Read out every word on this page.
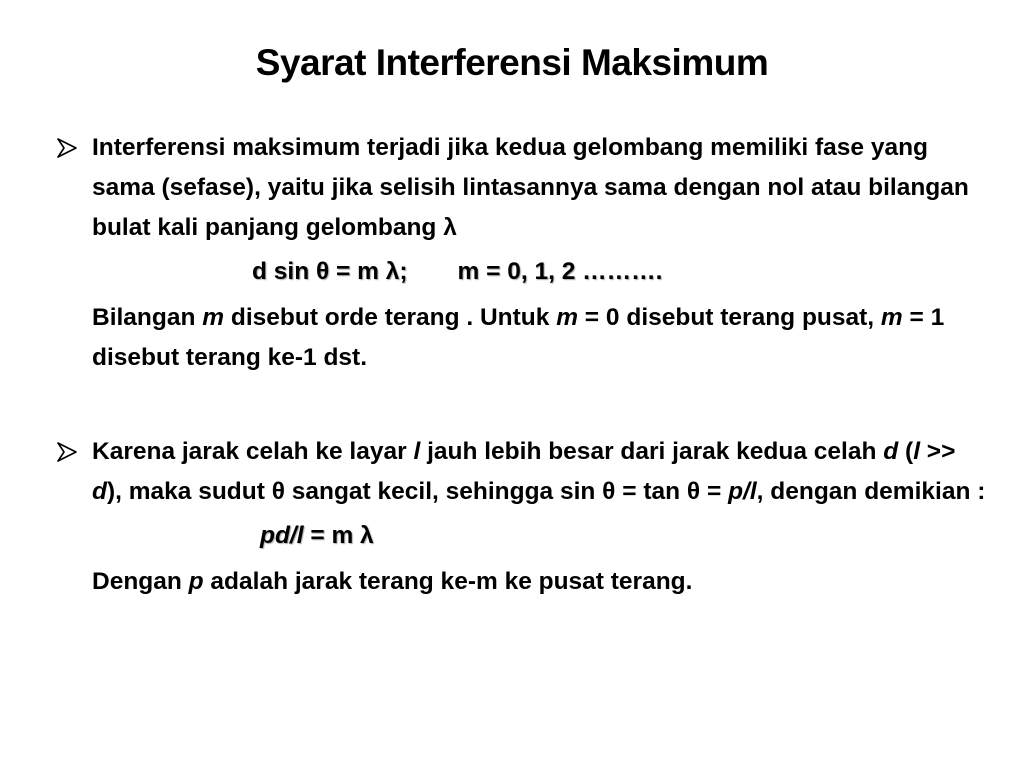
Syarat Interferensi Maksimum

Interferensi maksimum terjadi jika kedua gelombang memiliki fase yang sama (sefase), yaitu jika selisih lintasannya sama dengan nol atau bilangan bulat kali panjang gelombang λ

d sin θ = m λ; m = 0, 1, 2 ……….

Bilangan m disebut orde terang . Untuk m = 0 disebut terang pusat, m = 1 disebut terang ke-1 dst.

Karena jarak celah ke layar l jauh lebih besar dari jarak kedua celah d (l >> d), maka sudut θ sangat kecil, sehingga sin θ = tan θ = p/l, dengan demikian :

pd/l = m λ

Dengan p adalah jarak terang ke-m ke pusat terang.
